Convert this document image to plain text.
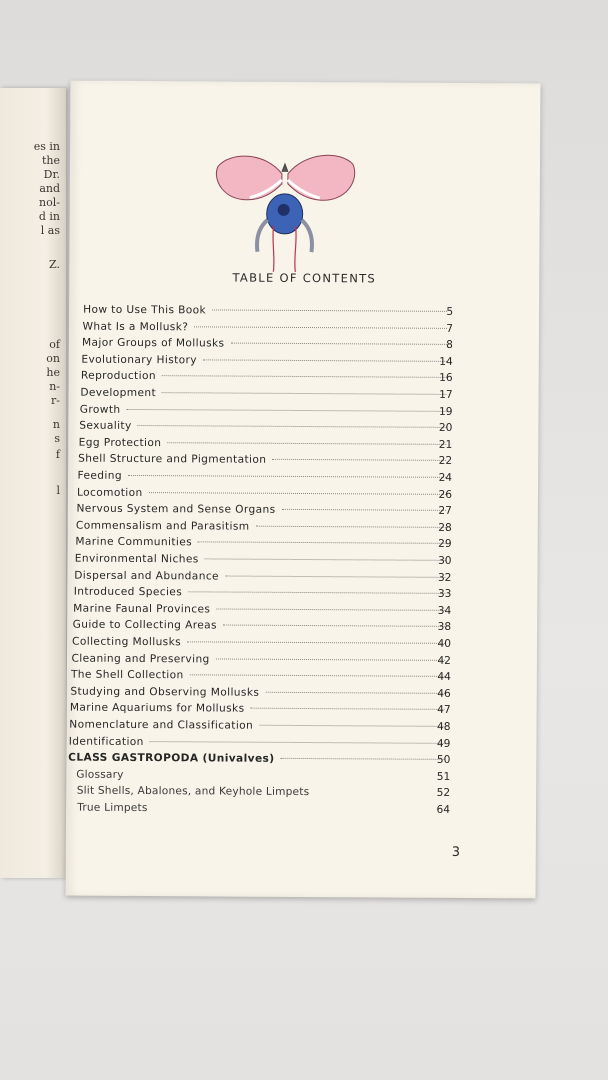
es in
the
Dr.
and
nol-
d in
l as
Z.
of
on
he
n-
r-
n
s
f
l
TABLE OF CONTENTS
How to Use This Book	5
What Is a Mollusk?	7
Major Groups of Mollusks	8
Evolutionary History	14
Reproduction	16
Development	17
Growth	19
Sexuality	20
Egg Protection	21
Shell Structure and Pigmentation	22
Feeding	24
Locomotion	26
Nervous System and Sense Organs	27
Commensalism and Parasitism	28
Marine Communities	29
Environmental Niches	30
Dispersal and Abundance	32
Introduced Species	33
Marine Faunal Provinces	34
Guide to Collecting Areas	38
Collecting Mollusks	40
Cleaning and Preserving	42
The Shell Collection	44
Studying and Observing Mollusks	46
Marine Aquariums for Mollusks	47
Nomenclature and Classification	48
Identification	49
CLASS GASTROPODA (Univalves)	50
Glossary	51
Slit Shells, Abalones, and Keyhole Limpets	52
True Limpets	64
3
